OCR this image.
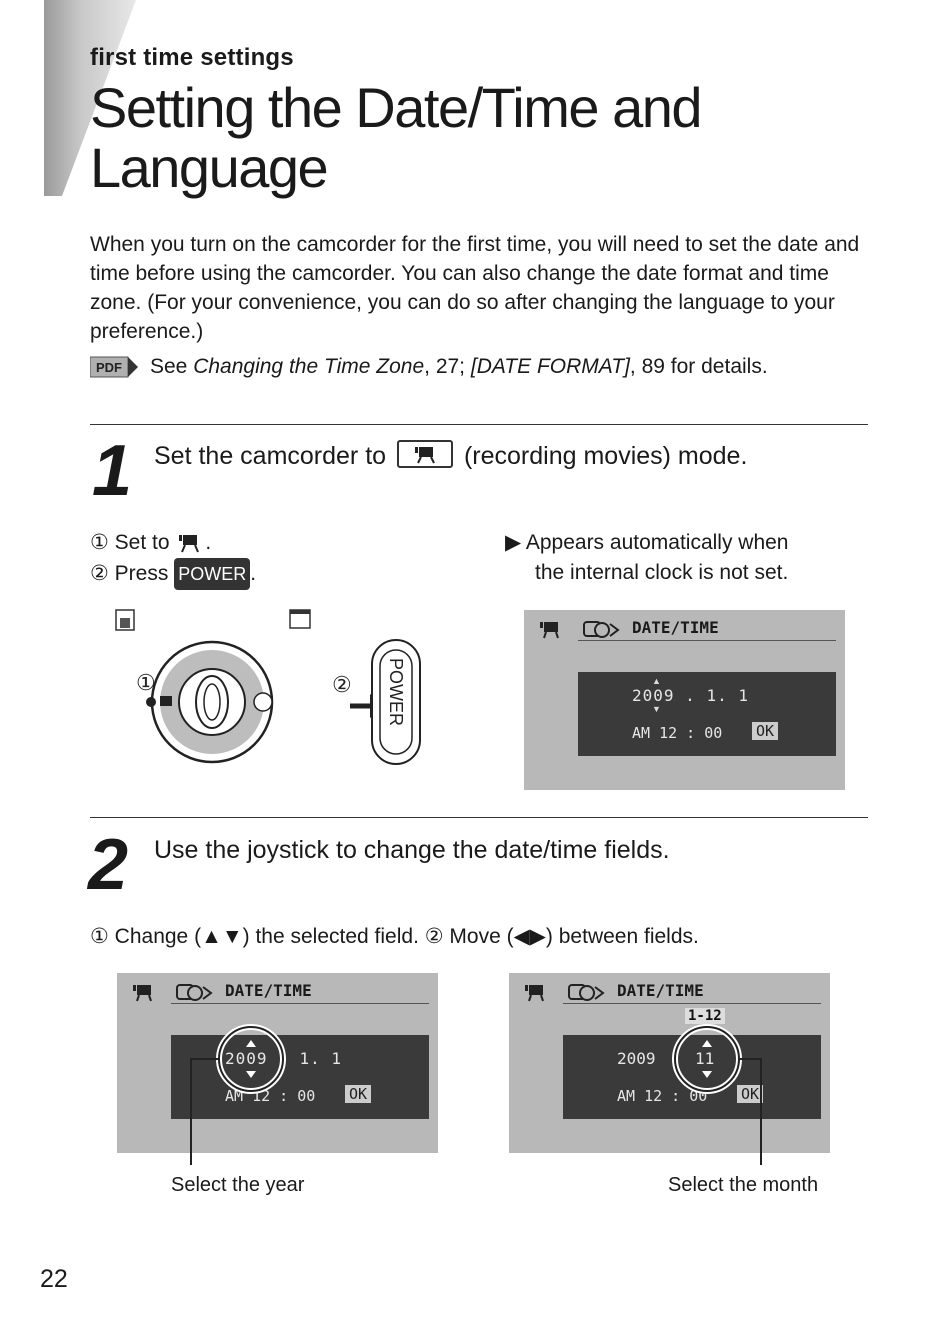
first time settings
Setting the Date/Time and
Language

When you turn on the camcorder for the first time, you will need to set the date and time before using the camcorder. You can also change the date format and time zone. (For your convenience, you can do so after changing the language to your preference.)

PDF See Changing the Time Zone, 27; [DATE FORMAT], 89 for details.
1 Set the camcorder to	(recording movies) mode.
① Set to .
② Press POWER .
▶ Appears automatically when
the internal clock is not set.
①	② POWER
DATE/TIME
▲
▼
2009 . 1. 1
AM 12 : 00 OK
2 Use the joystick to change the date/time fields.
① Change (▲▼) the selected field. ② Move (◀▶) between fields.
DATE/TIME
2009 . 1. 1
AM 12 : 00 OK
DATE/TIME
1-12
2009 11
AM 12 : 00 OK
Select the year	Select the month
22
